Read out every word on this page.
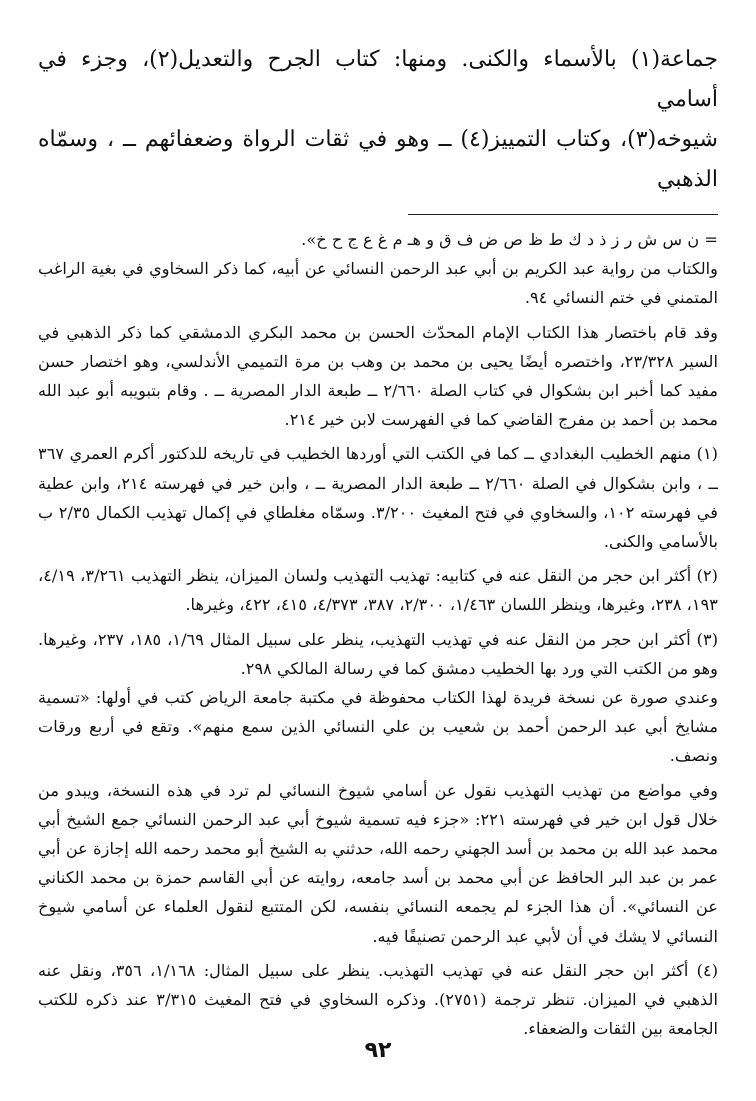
جماعة(١) بالأسماء والكنى. ومنها: كتاب الجرح والتعديل(٢)، وجزء في أسامي
شيوخه(٣)، وكتاب التمييز(٤) ــ وهو في ثقات الرواة وضعفائهم ــ ، وسمّاه الذهبي

= ن س ش ر ز ذ د ك ط ظ ص ض ف ق و هـ م غ ع ج ح خ».

والكتاب من رواية عبد الكريم بن أبي عبد الرحمن النسائي عن أبيه، كما ذكر السخاوي في بغية الراغب المتمني في ختم النسائي ٩٤.

وقد قام باختصار هذا الكتاب الإمام المحدّث الحسن بن محمد البكري الدمشقي كما ذكر الذهبي في السير ٢٣/٣٢٨، واختصره أيضًا يحيى بن محمد بن وهب بن مرة التميمي الأندلسي، وهو اختصار حسن مفيد كما أخبر ابن بشكوال في كتاب الصلة ٢/٦٦٠ ــ طبعة الدار المصرية ــ . وقام بتبويبه أبو عبد الله محمد بن أحمد بن مفرج القاضي كما في الفهرست لابن خير ٢١٤.

(١) منهم الخطيب البغدادي ــ كما في الكتب التي أوردها الخطيب في تاريخه للدكتور أكرم العمري ٣٦٧ ــ ، وابن بشكوال في الصلة ٢/٦٦٠ ــ طبعة الدار المصرية ــ ، وابن خير في فهرسته ٢١٤، وابن عطية في فهرسته ١٠٢، والسخاوي في فتح المغيث ٣/٢٠٠. وسمّاه مغلطاي في إكمال تهذيب الكمال ٢/٣٥ ب بالأسامي والكنى.

(٢) أكثر ابن حجر من النقل عنه في كتابيه: تهذيب التهذيب ولسان الميزان، ينظر التهذيب ٣/٢٦١، ٤/١٩، ١٩٣، ٢٣٨، وغيرها، وينظر اللسان ١/٤٦٣، ٢/٣٠٠، ٣٨٧، ٤/٣٧٣، ٤١٥، ٤٢٢، وغيرها.

(٣) أكثر ابن حجر من النقل عنه في تهذيب التهذيب، ينظر على سبيل المثال ١/٦٩، ١٨٥، ٢٣٧، وغيرها. وهو من الكتب التي ورد بها الخطيب دمشق كما في رسالة المالكي ٢٩٨.

وعندي صورة عن نسخة فريدة لهذا الكتاب محفوظة في مكتبة جامعة الرياض كتب في أولها: «تسمية مشايخ أبي عبد الرحمن أحمد بن شعيب بن علي النسائي الذين سمع منهم». وتقع في أربع ورقات ونصف.

وفي مواضع من تهذيب التهذيب نقول عن أسامي شيوخ النسائي لم ترد في هذه النسخة، ويبدو من خلال قول ابن خير في فهرسته ٢٢١: «جزء فيه تسمية شيوخ أبي عبد الرحمن النسائي جمع الشيخ أبي محمد عبد الله بن محمد بن أسد الجهني رحمه الله، حدثني به الشيخ أبو محمد رحمه الله إجازة عن أبي عمر بن عبد البر الحافظ عن أبي محمد بن أسد جامعه، روايته عن أبي القاسم حمزة بن محمد الكناني عن النسائي». أن هذا الجزء لم يجمعه النسائي بنفسه، لكن المتتبع لنقول العلماء عن أسامي شيوخ النسائي لا يشك في أن لأبي عبد الرحمن تصنيفًا فيه.

(٤) أكثر ابن حجر النقل عنه في تهذيب التهذيب. ينظر على سبيل المثال: ١/١٦٨، ٣٥٦، ونقل عنه الذهبي في الميزان. تنظر ترجمة (٢٧٥١). وذكره السخاوي في فتح المغيث ٣/٣١٥ عند ذكره للكتب الجامعة بين الثقات والضعفاء.

٩٢
